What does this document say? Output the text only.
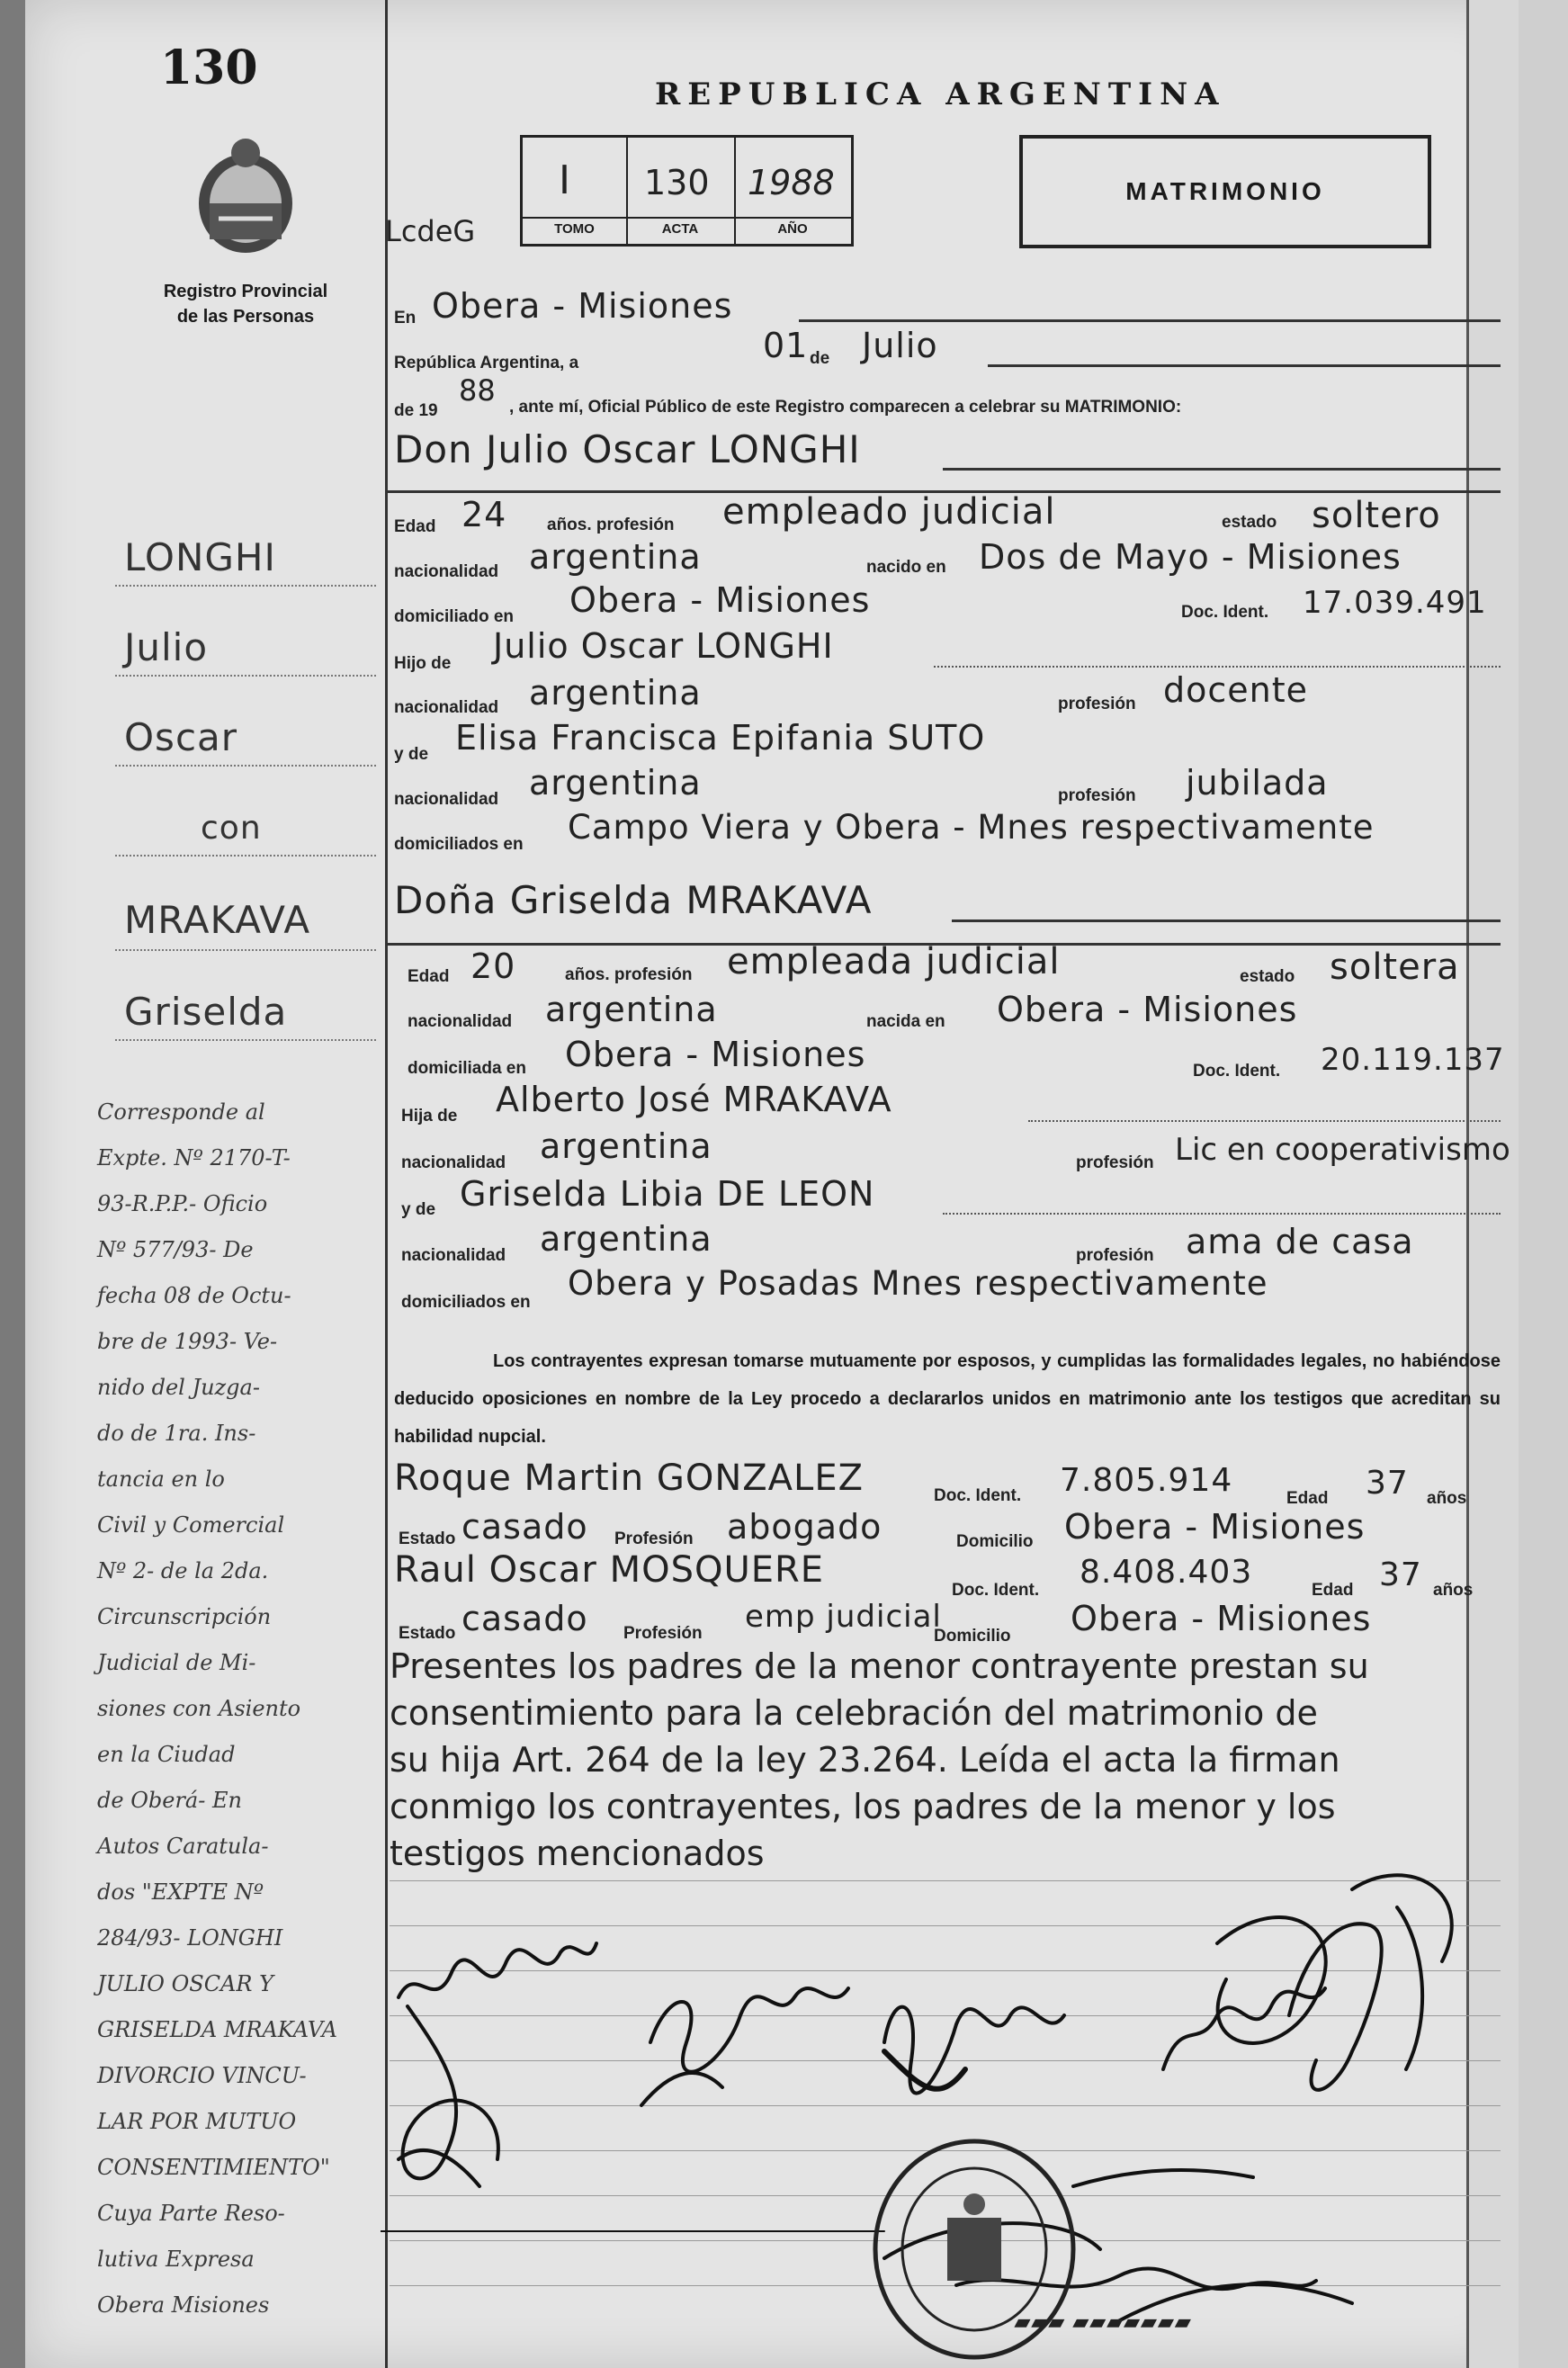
130
Registro Provincial
de las Personas
REPUBLICA ARGENTINA
I 130 1988
TOMO	ACTA	AÑO
LcdeG
MATRIMONIO
En Obera - Misiones
República Argentina, a	01 de Julio
de 19
88 , ante mí, Oficial Público de este Registro comparecen a celebrar su MATRIMONIO:
Don Julio Oscar LONGHI
Edad 24 años. profesión empleado judicial	estado soltero
nacionalidad argentina	nacido en Dos de Mayo - Misiones
domiciliado en Obera - Misiones	Doc. Ident. 17.039.491
Hijo de Julio Oscar LONGHI
nacionalidad argentina	profesión docente
y de Elisa Francisca Epifania SUTO
nacionalidad argentina	profesión jubilada
domiciliados en Campo Viera y Obera - Mnes respectivamente
Doña Griselda MRAKAVA
Edad 20	años. profesión empleada judicial	estado soltera
nacionalidad argentina	nacida en Obera - Misiones
domiciliada en Obera - Misiones	Doc. Ident. 20.119.137
Hija de Alberto José MRAKAVA
nacionalidad argentina	profesión Lic en cooperativismo
y de Griselda Libia DE LEON
nacionalidad argentina	profesión ama de casa
domiciliados en Obera y Posadas Mnes respectivamente
Los contrayentes expresan tomarse mutuamente por esposos, y cumplidas las formalidades legales, no habiéndose deducido oposiciones en nombre de la Ley procedo a declararlos unidos en matrimonio ante los testigos que acreditan su habilidad nupcial.
Roque Martin GONZALEZ	Doc. Ident. 7.805.914	Edad 37 años
Estado casado Profesión abogado	Domicilio Obera - Misiones
Raul Oscar MOSQUERE	Doc. Ident. 8.408.403	Edad 37 años
Estado casado Profesión emp judicial
Domicilio Obera - Misiones
Presentes los padres de la menor contrayente prestan su
consentimiento para la celebración del matrimonio de
su hija Art. 264 de la ley 23.264. Leída el acta la firman
conmigo los contrayentes, los padres de la menor y los
testigos mencionados
▰▰▰ ▰▰▰▰▰▰▰
LONGHI
Julio
Oscar
con
MRAKAVA
Griselda
Corresponde al
Expte. Nº 2170-T-
93-R.P.P.- Oficio
Nº 577/93- De
fecha 08 de Octu-
bre de 1993- Ve-
nido del Juzga-
do de 1ra. Ins-
tancia en lo
Civil y Comercial
Nº 2- de la 2da.
Circunscripción
Judicial de Mi-
siones con Asiento
en la Ciudad
de Oberá- En
Autos Caratula-
dos "EXPTE Nº
284/93- LONGHI
JULIO OSCAR Y
GRISELDA MRAKAVA
DIVORCIO VINCU-
LAR POR MUTUO
CONSENTIMIENTO"
Cuya Parte Reso-
lutiva Expresa
Obera Misiones
